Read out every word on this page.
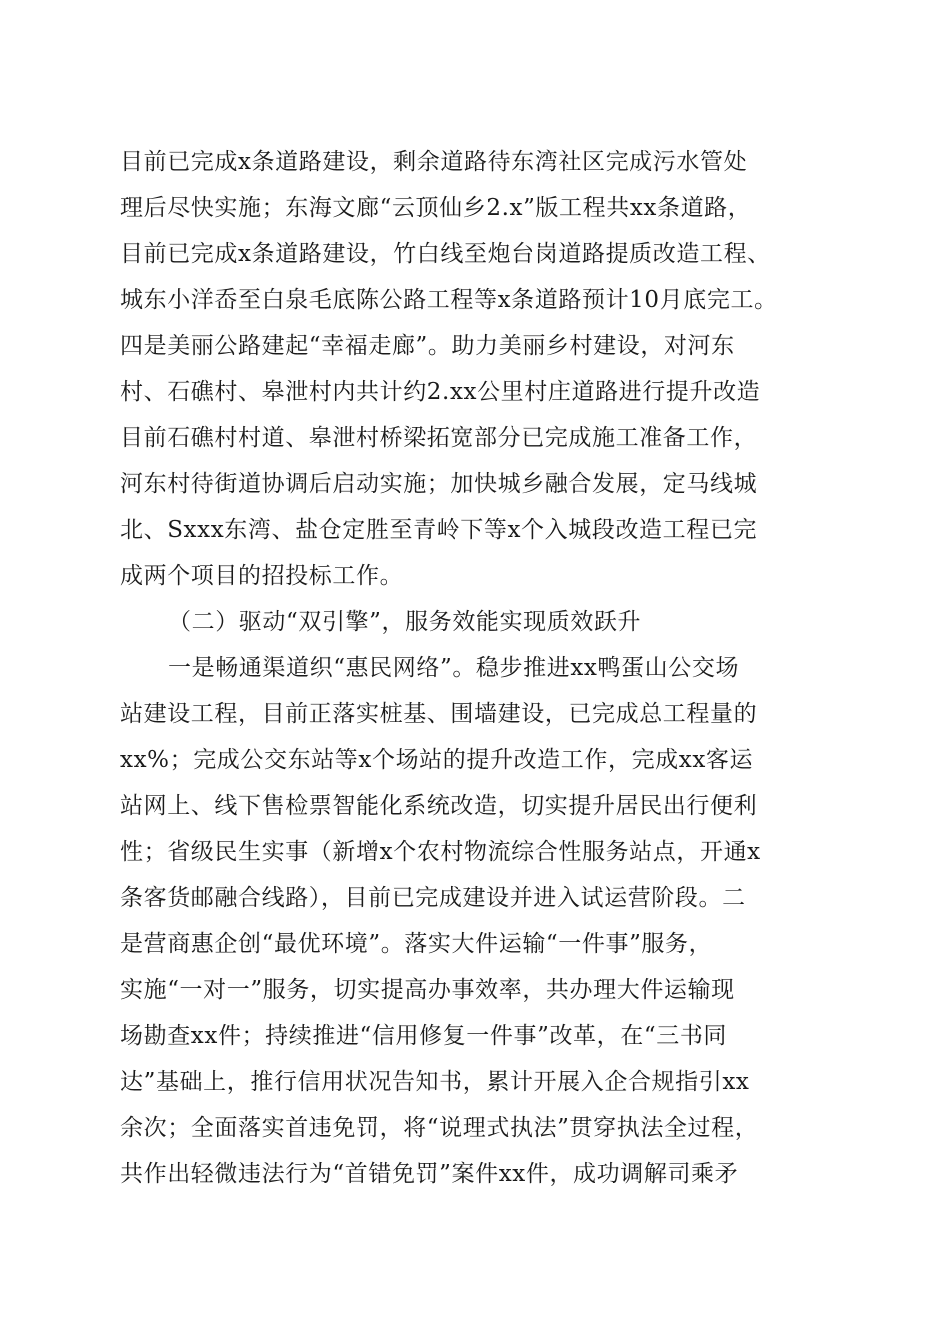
目前已完成x条道路建设，剩余道路待东湾社区完成污水管处
理后尽快实施；东海文廊“云顶仙乡2.x”版工程共xx条道路，
目前已完成x条道路建设，竹白线至炮台岗道路提质改造工程、
城东小洋岙至白泉毛底陈公路工程等x条道路预计10月底完工。
四是美丽公路建起“幸福走廊”。助力美丽乡村建设，对河东
村、石礁村、皋泄村内共计约2.xx公里村庄道路进行提升改造
目前石礁村村道、皋泄村桥梁拓宽部分已完成施工准备工作，
河东村待街道协调后启动实施；加快城乡融合发展，定马线城
北、Sxxx东湾、盐仓定胜至青岭下等x个入城段改造工程已完
成两个项目的招投标工作。
（二）驱动“双引擎”，服务效能实现质效跃升
一是畅通渠道织“惠民网络”。稳步推进xx鸭蛋山公交场
站建设工程，目前正落实桩基、围墙建设，已完成总工程量的
xx%；完成公交东站等x个场站的提升改造工作，完成xx客运
站网上、线下售检票智能化系统改造，切实提升居民出行便利
性；省级民生实事（新增x个农村物流综合性服务站点，开通x
条客货邮融合线路），目前已完成建设并进入试运营阶段。二
是营商惠企创“最优环境”。落实大件运输“一件事”服务，
实施“一对一”服务，切实提高办事效率，共办理大件运输现
场勘查xx件；持续推进“信用修复一件事”改革，在“三书同
达”基础上，推行信用状况告知书，累计开展入企合规指引xx
余次；全面落实首违免罚，将“说理式执法”贯穿执法全过程，
共作出轻微违法行为“首错免罚”案件xx件，成功调解司乘矛
